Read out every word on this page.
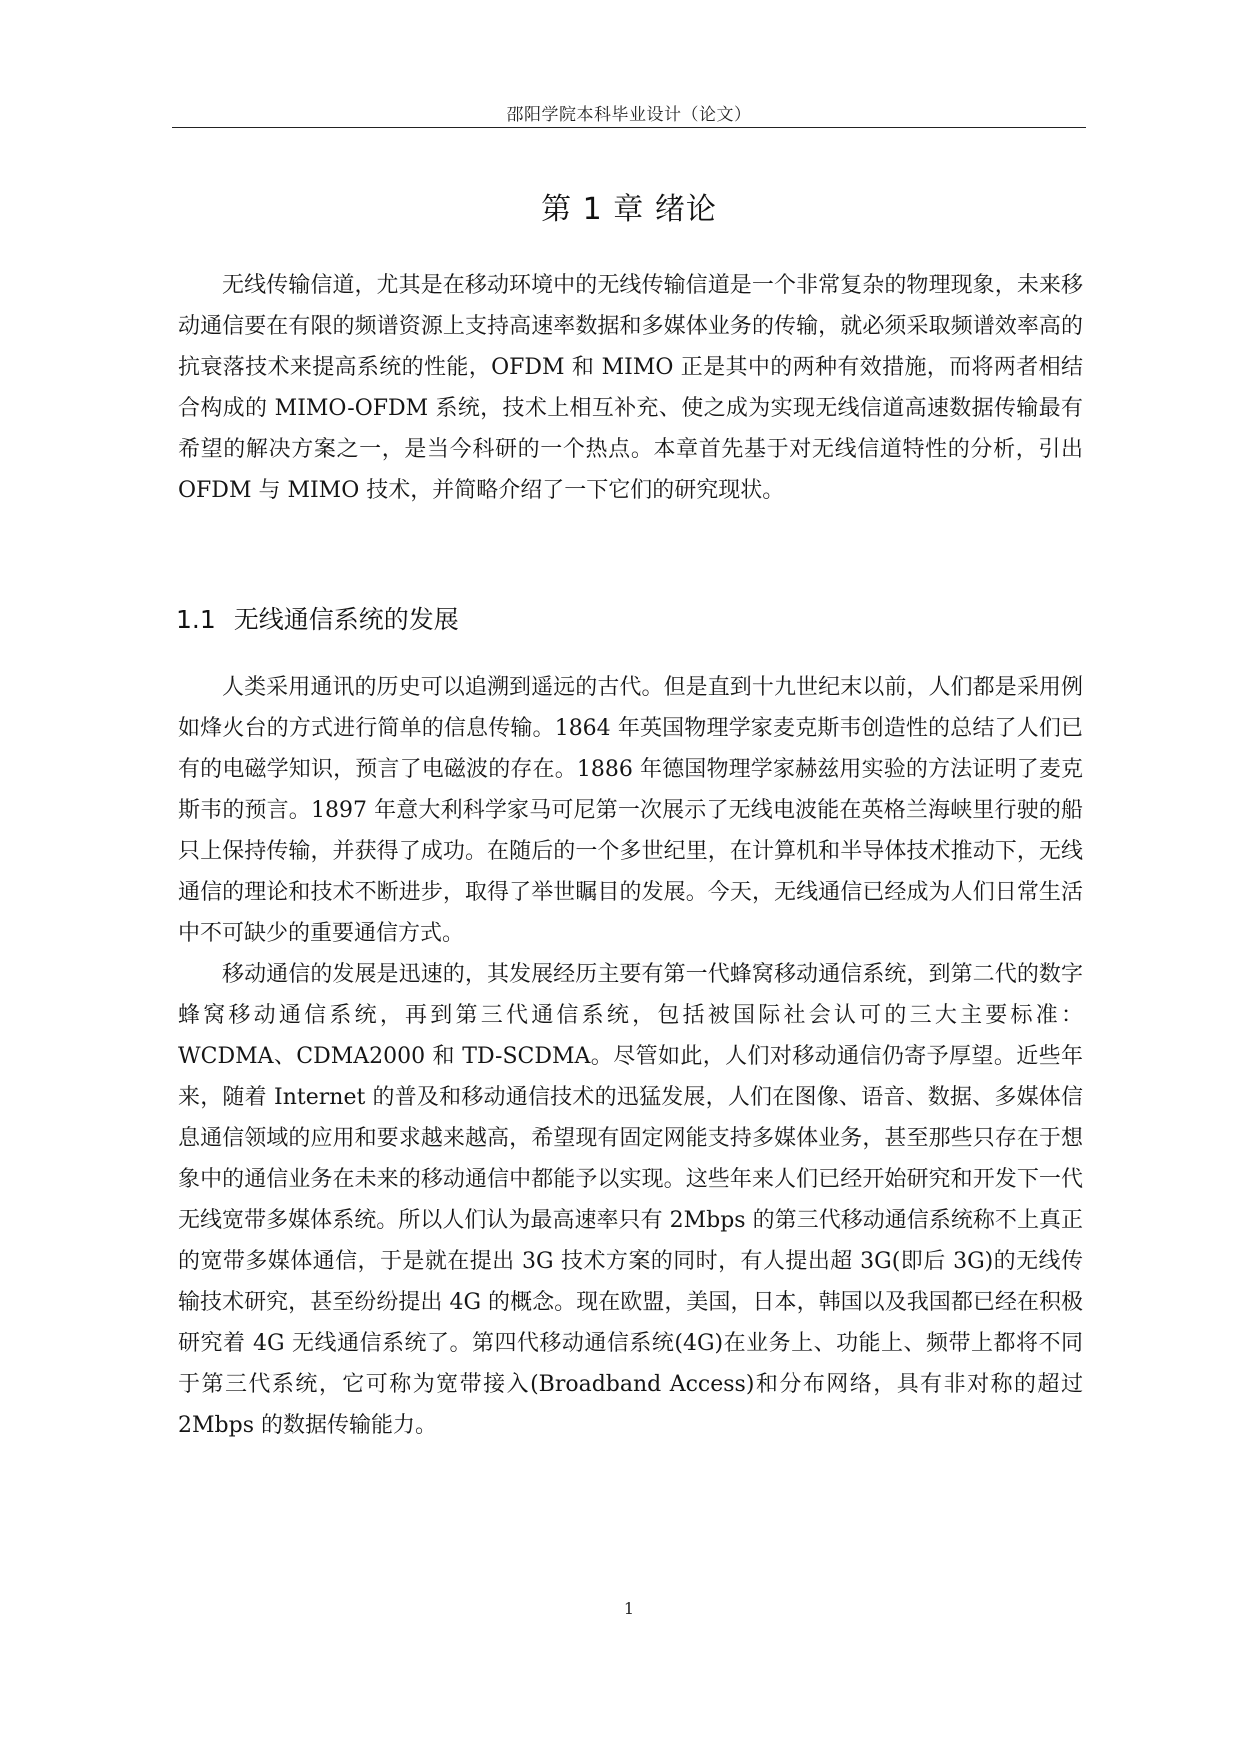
邵阳学院本科毕业设计（论文）
第 1 章 绪论

无线传输信道，尤其是在移动环境中的无线传输信道是一个非常复杂的物理现象，未来移动通信要在有限的频谱资源上支持高速率数据和多媒体业务的传输，就必须采取频谱效率高的抗衰落技术来提高系统的性能，OFDM 和 MIMO 正是其中的两种有效措施，而将两者相结合构成的 MIMO-OFDM 系统，技术上相互补充、使之成为实现无线信道高速数据传输最有希望的解决方案之一，是当今科研的一个热点。本章首先基于对无线信道特性的分析，引出 OFDM 与 MIMO 技术，并简略介绍了一下它们的研究现状。

1.1 无线通信系统的发展

人类采用通讯的历史可以追溯到遥远的古代。但是直到十九世纪末以前，人们都是采用例如烽火台的方式进行简单的信息传输。1864 年英国物理学家麦克斯韦创造性的总结了人们已有的电磁学知识，预言了电磁波的存在。1886 年德国物理学家赫兹用实验的方法证明了麦克斯韦的预言。1897 年意大利科学家马可尼第一次展示了无线电波能在英格兰海峡里行驶的船只上保持传输，并获得了成功。在随后的一个多世纪里，在计算机和半导体技术推动下，无线通信的理论和技术不断进步，取得了举世瞩目的发展。今天，无线通信已经成为人们日常生活中不可缺少的重要通信方式。

移动通信的发展是迅速的，其发展经历主要有第一代蜂窝移动通信系统，到第二代的数字蜂窝移动通信系统，再到第三代通信系统，包括被国际社会认可的三大主要标准：WCDMA、CDMA2000 和 TD-SCDMA。尽管如此，人们对移动通信仍寄予厚望。近些年来，随着 Internet 的普及和移动通信技术的迅猛发展，人们在图像、语音、数据、多媒体信息通信领域的应用和要求越来越高，希望现有固定网能支持多媒体业务，甚至那些只存在于想象中的通信业务在未来的移动通信中都能予以实现。这些年来人们已经开始研究和开发下一代无线宽带多媒体系统。所以人们认为最高速率只有 2Mbps 的第三代移动通信系统称不上真正的宽带多媒体通信，于是就在提出 3G 技术方案的同时，有人提出超 3G(即后 3G)的无线传输技术研究，甚至纷纷提出 4G 的概念。现在欧盟，美国，日本，韩国以及我国都已经在积极研究着 4G 无线通信系统了。第四代移动通信系统(4G)在业务上、功能上、频带上都将不同于第三代系统，它可称为宽带接入(Broadband Access)和分布网络，具有非对称的超过 2Mbps 的数据传输能力。

1
